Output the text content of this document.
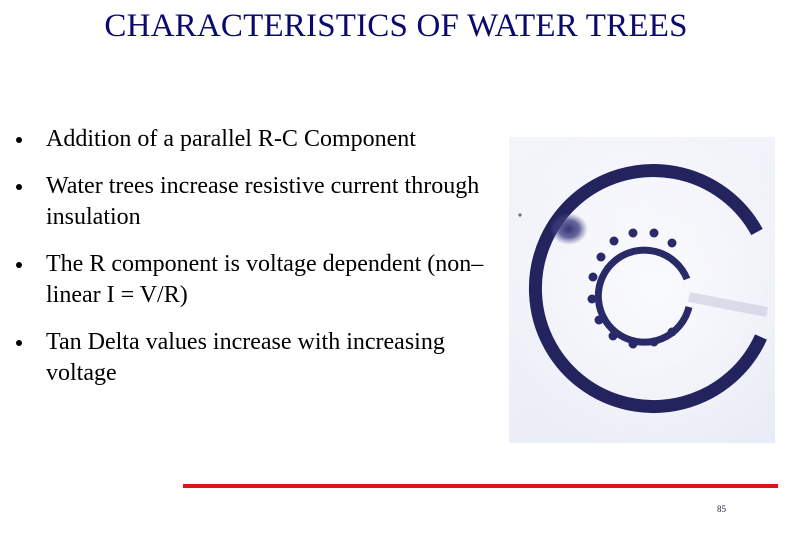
CHARACTERISTICS OF WATER TREES
Addition of a parallel R-C Component
Water trees increase resistive current through insulation
The R component is voltage dependent (non–linear I = V/R)
Tan Delta values increase with increasing voltage
85
